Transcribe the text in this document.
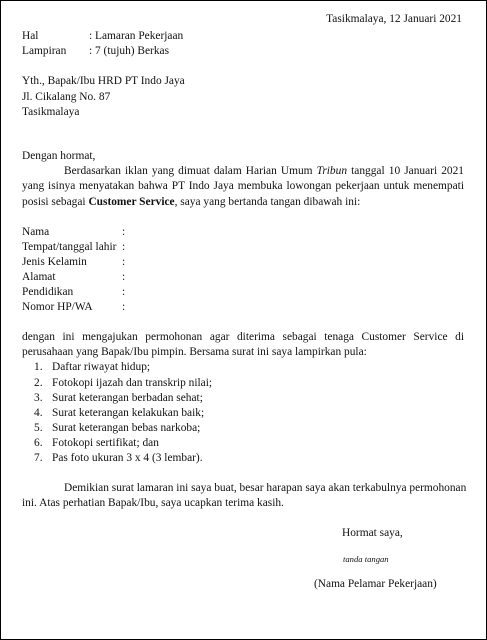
Tasikmalaya, 12 Januari 2021
Hal	: Lamaran Pekerjaan
Lampiran : 7 (tujuh) Berkas
Yth., Bapak/Ibu HRD PT Indo Jaya
Jl. Cikalang No. 87
Tasikmalaya
Dengan hormat,
Berdasarkan iklan yang dimuat dalam Harian Umum Tribun tanggal 10 Januari 2021
yang isinya menyatakan bahwa PT Indo Jaya membuka lowongan pekerjaan untuk menempati
posisi sebagai Customer Service, saya yang bertanda tangan dibawah ini:
Nama	:
Tempat/tanggal lahir :
Jenis Kelamin	:
Alamat	:
Pendidikan	:
Nomor HP/WA	:
dengan ini mengajukan permohonan agar diterima sebagai tenaga Customer Service di
perusahaan yang Bapak/Ibu pimpin. Bersama surat ini saya lampirkan pula:
1. Daftar riwayat hidup;
2. Fotokopi ijazah dan transkrip nilai;
3. Surat keterangan berbadan sehat;
4. Surat keterangan kelakukan baik;
5. Surat keterangan bebas narkoba;
6. Fotokopi sertifikat; dan
7. Pas foto ukuran 3 x 4 (3 lembar).
Demikian surat lamaran ini saya buat, besar harapan saya akan terkabulnya permohonan
ini. Atas perhatian Bapak/Ibu, saya ucapkan terima kasih.
Hormat saya,
tanda tangan
(Nama Pelamar Pekerjaan)
